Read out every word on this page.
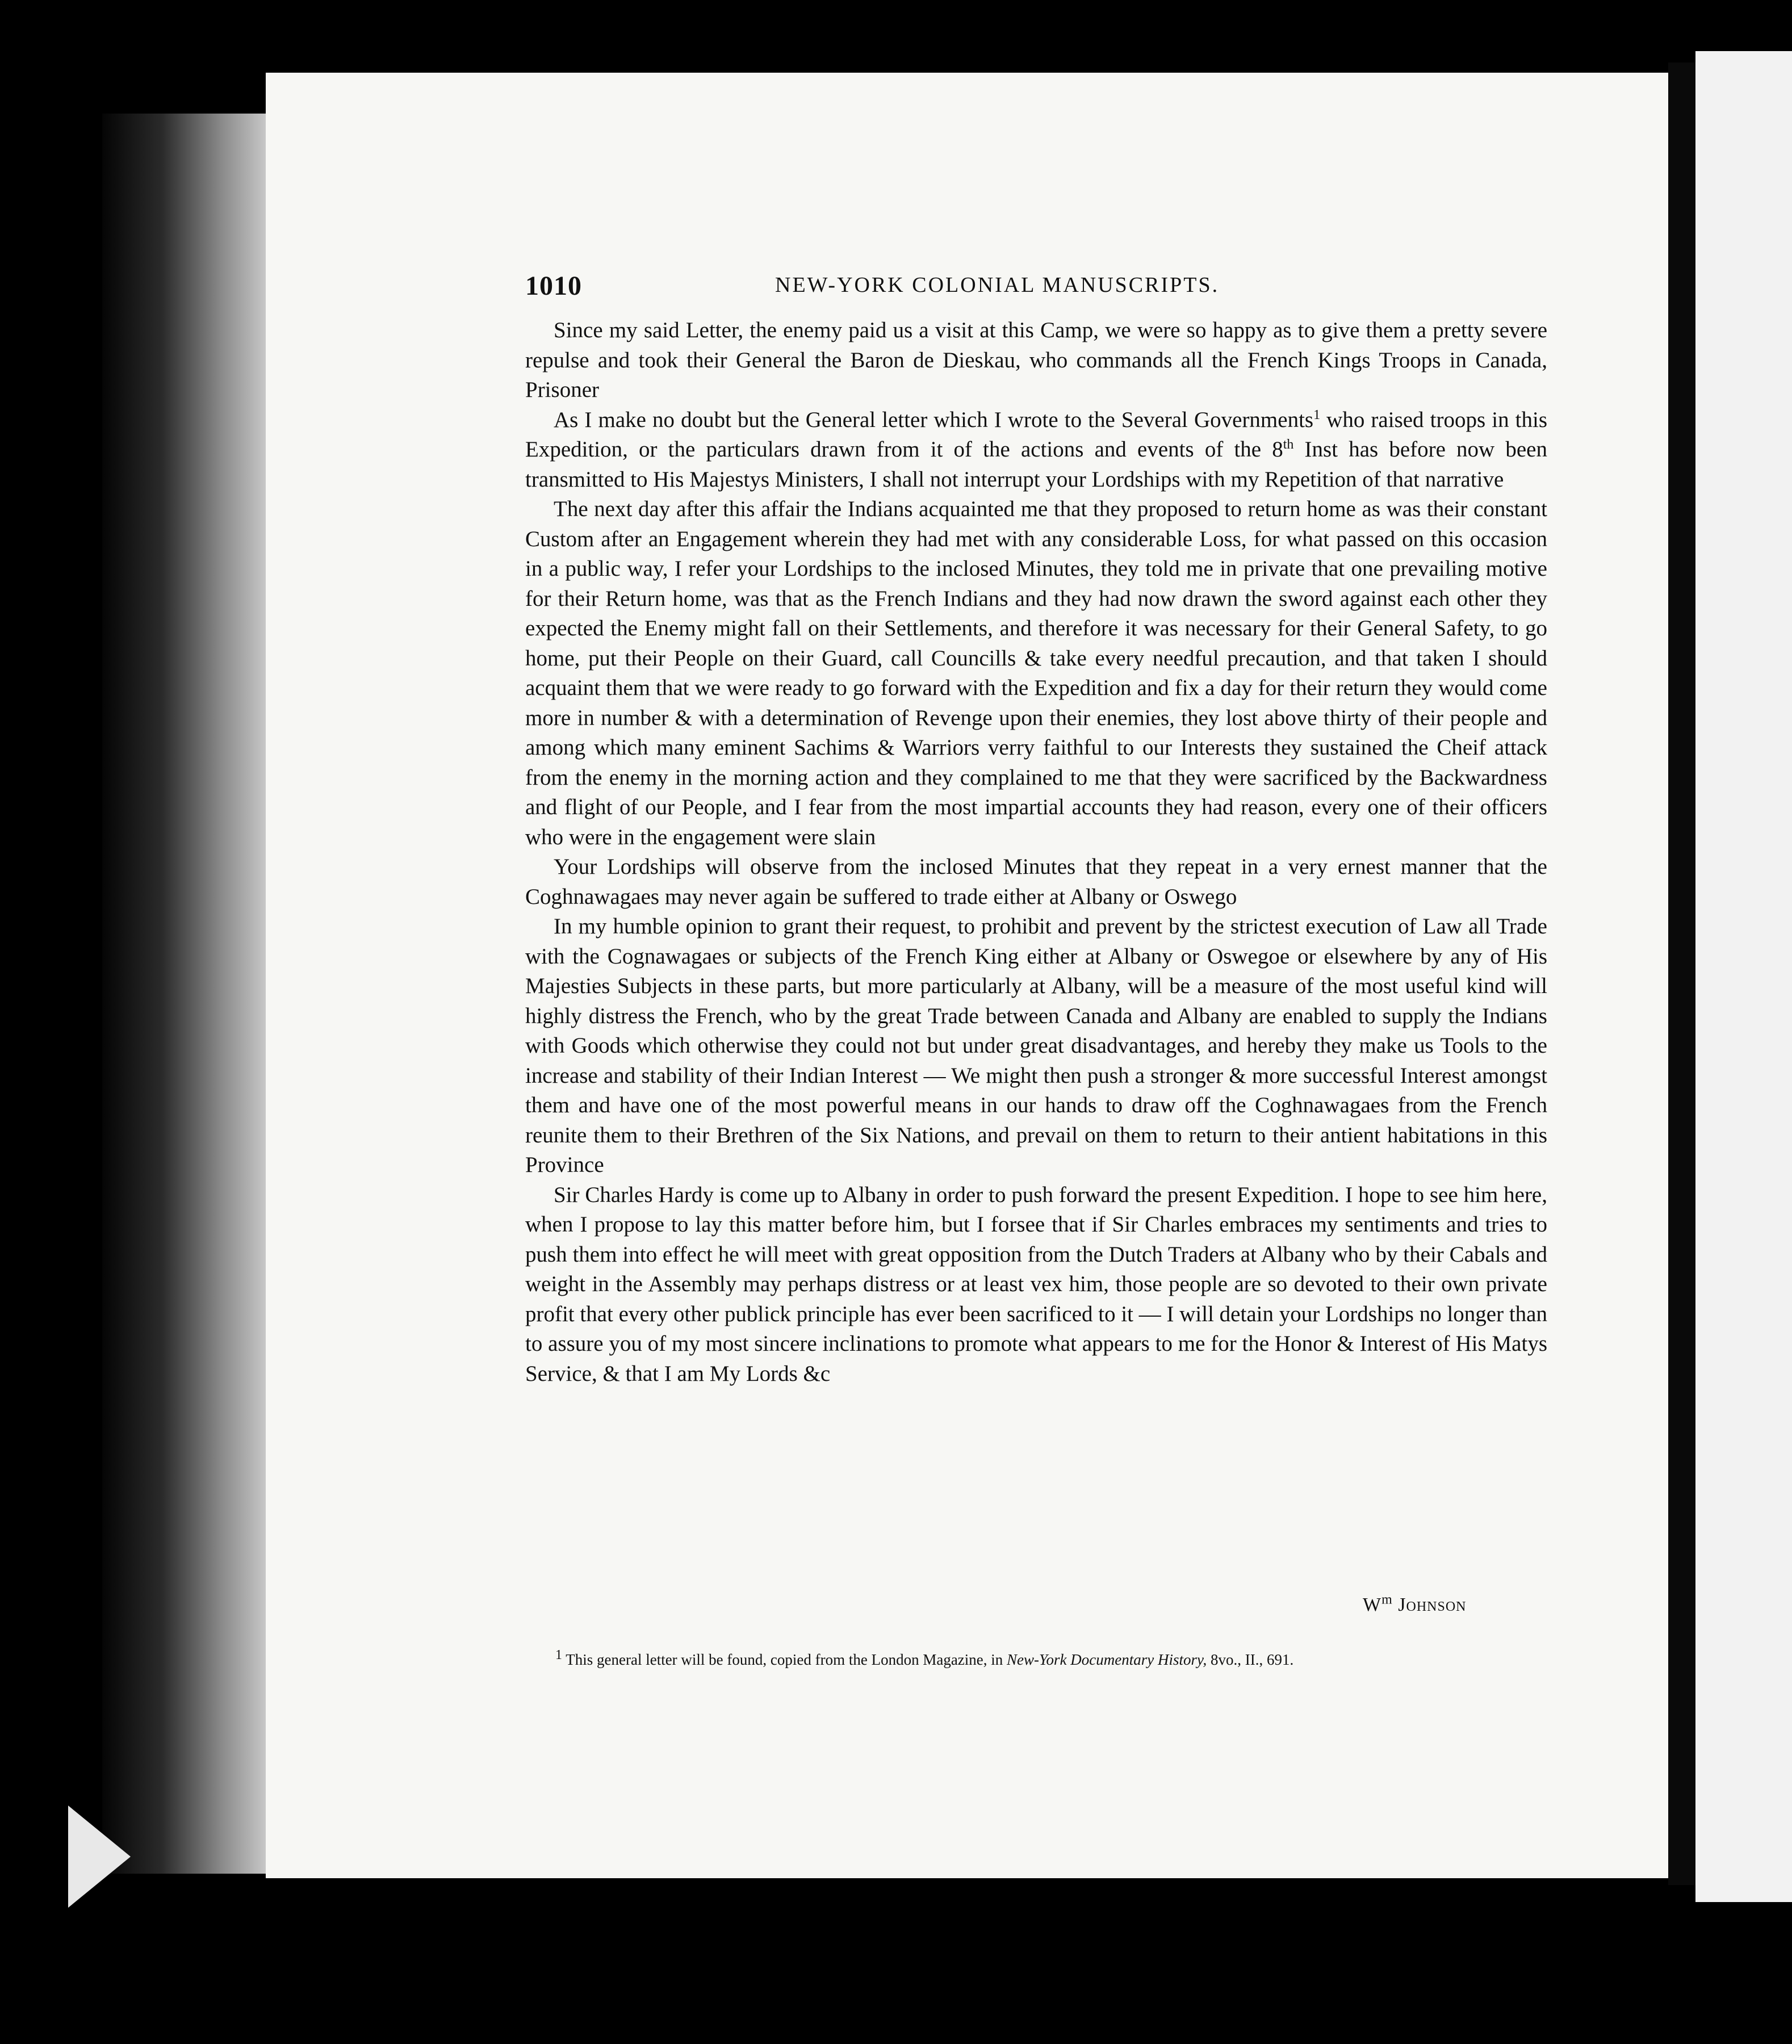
1010	NEW-YORK COLONIAL MANUSCRIPTS.

Since my said Letter, the enemy paid us a visit at this Camp, we were so happy as to give them a pretty severe repulse and took their General the Baron de Dieskau, who commands all the French Kings Troops in Canada, Prisoner

As I make no doubt but the General letter which I wrote to the Several Governments$^1$ who raised troops in this Expedition, or the particulars drawn from it of the actions and events of the 8th Inst has before now been transmitted to His Majestys Ministers, I shall not interrupt your Lordships with my Repetition of that narrative

The next day after this affair the Indians acquainted me that they proposed to return home as was their constant Custom after an Engagement wherein they had met with any considerable Loss, for what passed on this occasion in a public way, I refer your Lordships to the inclosed Minutes, they told me in private that one prevailing motive for their Return home, was that as the French Indians and they had now drawn the sword against each other they expected the Enemy might fall on their Settlements, and therefore it was necessary for their General Safety, to go home, put their People on their Guard, call Councills & take every needful precaution, and that taken I should acquaint them that we were ready to go forward with the Expedition and fix a day for their return they would come more in number & with a determination of Revenge upon their enemies, they lost above thirty of their people and among which many eminent Sachims & Warriors verry faithful to our Interests they sustained the Cheif attack from the enemy in the morning action and they complained to me that they were sacrificed by the Backwardness and flight of our People, and I fear from the most impartial accounts they had reason, every one of their officers who were in the engagement were slain

Your Lordships will observe from the inclosed Minutes that they repeat in a very ernest manner that the Coghnawagaes may never again be suffered to trade either at Albany or Oswego

In my humble opinion to grant their request, to prohibit and prevent by the strictest execution of Law all Trade with the Cognawagaes or subjects of the French King either at Albany or Oswegoe or elsewhere by any of His Majesties Subjects in these parts, but more particularly at Albany, will be a measure of the most useful kind will highly distress the French, who by the great Trade between Canada and Albany are enabled to supply the Indians with Goods which otherwise they could not but under great disadvantages, and hereby they make us Tools to the increase and stability of their Indian Interest — We might then push a stronger & more successful Interest amongst them and have one of the most powerful means in our hands to draw off the Coghnawagaes from the French reunite them to their Brethren of the Six Nations, and prevail on them to return to their antient habitations in this Province

Sir Charles Hardy is come up to Albany in order to push forward the present Expedition. I hope to see him here, when I propose to lay this matter before him, but I forsee that if Sir Charles embraces my sentiments and tries to push them into effect he will meet with great opposition from the Dutch Traders at Albany who by their Cabals and weight in the Assembly may perhaps distress or at least vex him, those people are so devoted to their own private profit that every other publick principle has ever been sacrificed to it — I will detain your Lordships no longer than to assure you of my most sincere inclinations to promote what appears to me for the Honor & Interest of His Matys Service, & that I am My Lords &c

$W^m$ Johnson
$^1$ This general letter will be found, copied from the London Magazine, in New-York Documentary History, 8vo., II., 691.
